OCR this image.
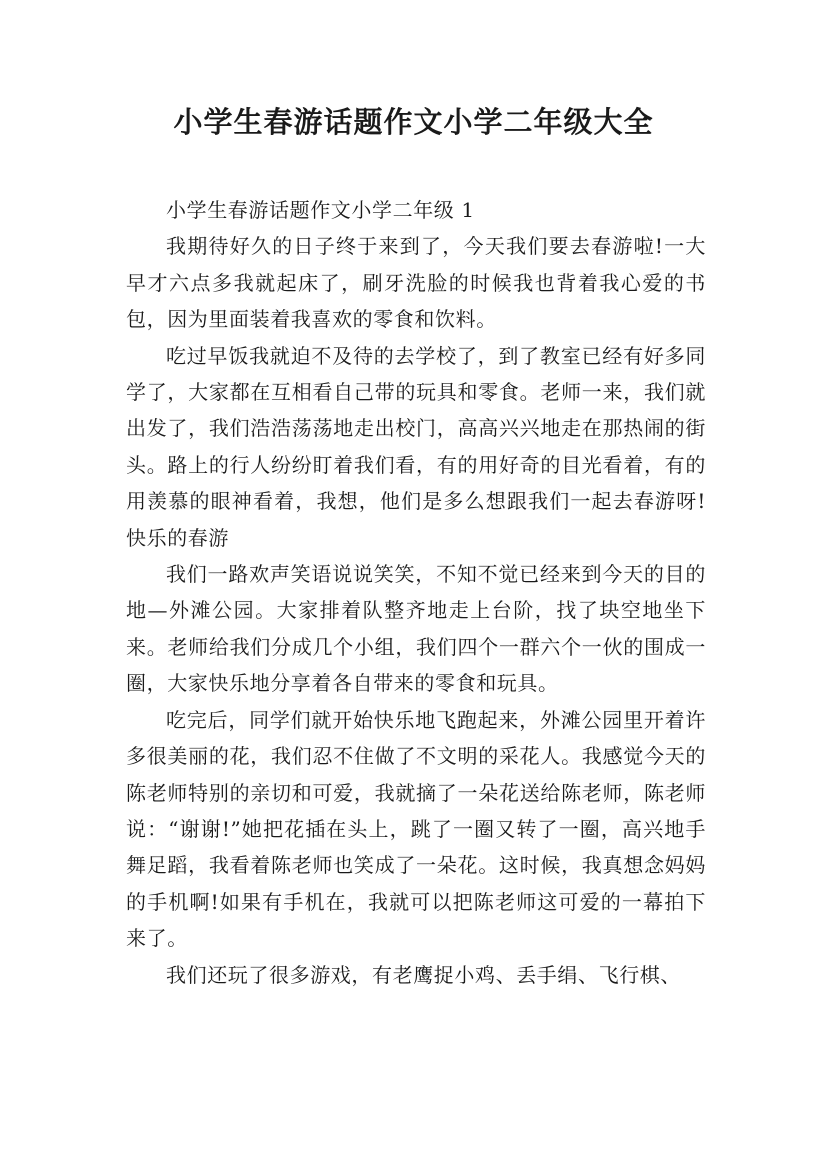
小学生春游话题作文小学二年级大全

小学生春游话题作文小学二年级 1

我期待好久的日子终于来到了，今天我们要去春游啦!一大早才六点多我就起床了，刷牙洗脸的时候我也背着我心爱的书包，因为里面装着我喜欢的零食和饮料。

吃过早饭我就迫不及待的去学校了，到了教室已经有好多同学了，大家都在互相看自己带的玩具和零食。老师一来，我们就出发了，我们浩浩荡荡地走出校门，高高兴兴地走在那热闹的街头。路上的行人纷纷盯着我们看，有的用好奇的目光看着，有的用羡慕的眼神看着，我想，他们是多么想跟我们一起去春游呀!快乐的春游

我们一路欢声笑语说说笑笑，不知不觉已经来到今天的目的地—外滩公园。大家排着队整齐地走上台阶，找了块空地坐下来。老师给我们分成几个小组，我们四个一群六个一伙的围成一圈，大家快乐地分享着各自带来的零食和玩具。

吃完后，同学们就开始快乐地飞跑起来，外滩公园里开着许多很美丽的花，我们忍不住做了不文明的采花人。我感觉今天的陈老师特别的亲切和可爱，我就摘了一朵花送给陈老师，陈老师说：“谢谢!”她把花插在头上，跳了一圈又转了一圈，高兴地手舞足蹈，我看着陈老师也笑成了一朵花。这时候，我真想念妈妈的手机啊!如果有手机在，我就可以把陈老师这可爱的一幕拍下来了。

我们还玩了很多游戏，有老鹰捉小鸡、丢手绢、飞行棋、
